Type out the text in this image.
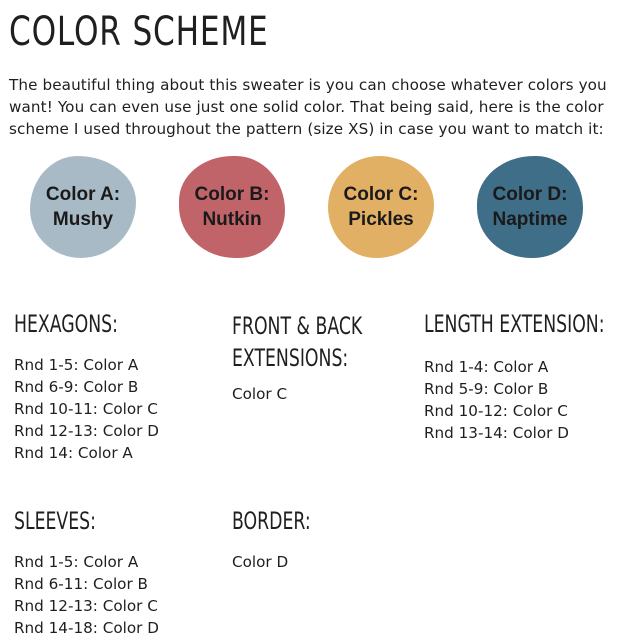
COLOR SCHEME

The beautiful thing about this sweater is you can choose whatever colors you want! You can even use just one solid color. That being said, here is the color scheme I used throughout the pattern (size XS) in case you want to match it:

Color A:
Mushy
Color B:
Nutkin
Color C:
Pickles
Color D:
Naptime
HEXAGONS:
Rnd 1-5: Color A
Rnd 6-9: Color B
Rnd 10-11: Color C
Rnd 12-13: Color D
Rnd 14: Color A
FRONT & BACK
EXTENSIONS:
Color C
LENGTH EXTENSION:
Rnd 1-4: Color A
Rnd 5-9: Color B
Rnd 10-12: Color C
Rnd 13-14: Color D
SLEEVES:
Rnd 1-5: Color A
Rnd 6-11: Color B
Rnd 12-13: Color C
Rnd 14-18: Color D
BORDER:
Color D
